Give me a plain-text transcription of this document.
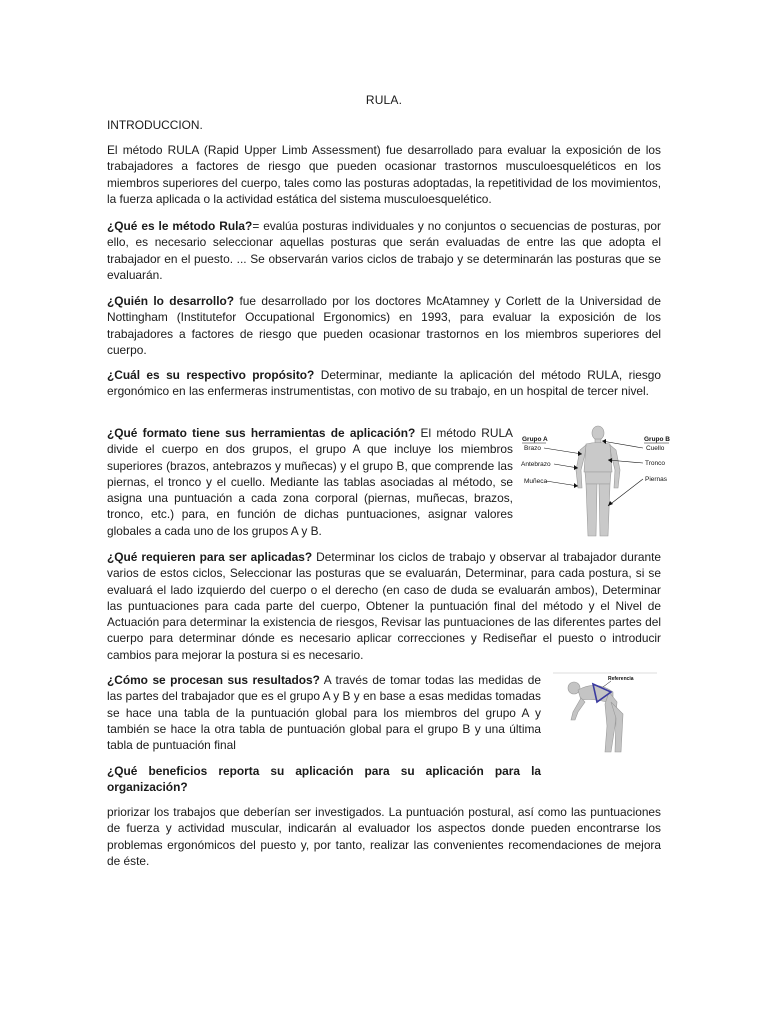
RULA.

INTRODUCCION.

El método RULA (Rapid Upper Limb Assessment) fue desarrollado para evaluar la exposición de los trabajadores a factores de riesgo que pueden ocasionar trastornos musculoesqueléticos en los miembros superiores del cuerpo, tales como las posturas adoptadas, la repetitividad de los movimientos, la fuerza aplicada o la actividad estática del sistema musculoesquelético.

¿Qué es le método Rula?= evalúa posturas individuales y no conjuntos o secuencias de posturas, por ello, es necesario seleccionar aquellas posturas que serán evaluadas de entre las que adopta el trabajador en el puesto. ... Se observarán varios ciclos de trabajo y se determinarán las posturas que se evaluarán.

¿Quién lo desarrollo? fue desarrollado por los doctores McAtamney y Corlett de la Universidad de Nottingham (Institutefor Occupational Ergonomics) en 1993, para evaluar la exposición de los trabajadores a factores de riesgo que pueden ocasionar trastornos en los miembros superiores del cuerpo.

¿Cuál es su respectivo propósito? Determinar, mediante la aplicación del método RULA, riesgo ergonómico en las enfermeras instrumentistas, con motivo de su trabajo, en un hospital de tercer nivel.

¿Qué formato tiene sus herramientas de aplicación? El método RULA divide el cuerpo en dos grupos, el grupo A que incluye los miembros superiores (brazos, antebrazos y muñecas) y el grupo B, que comprende las piernas, el tronco y el cuello. Mediante las tablas asociadas al método, se asigna una puntuación a cada zona corporal (piernas, muñecas, brazos, tronco, etc.) para, en función de dichas puntuaciones, asignar valores globales a cada uno de los grupos A y B.

¿Qué requieren para ser aplicadas? Determinar los ciclos de trabajo y observar al trabajador durante varios de estos ciclos, Seleccionar las posturas que se evaluarán, Determinar, para cada postura, si se evaluará el lado izquierdo del cuerpo o el derecho (en caso de duda se evaluarán ambos), Determinar las puntuaciones para cada parte del cuerpo, Obtener la puntuación final del método y el Nivel de Actuación para determinar la existencia de riesgos, Revisar las puntuaciones de las diferentes partes del cuerpo para determinar dónde es necesario aplicar correcciones y Rediseñar el puesto o introducir cambios para mejorar la postura si es necesario.

¿Cómo se procesan sus resultados? A través de tomar todas las medidas de las partes del trabajador que es el grupo A y B y en base a esas medidas tomadas se hace una tabla de la puntuación global para los miembros del grupo A y también se hace la otra tabla de puntuación global para el grupo B y una última tabla de puntuación final

¿Qué beneficios reporta su aplicación para su aplicación para la organización?

priorizar los trabajos que deberían ser investigados. La puntuación postural, así como las puntuaciones de fuerza y actividad muscular, indicarán al evaluador los aspectos donde pueden encontrarse los problemas ergonómicos del puesto y, por tanto, realizar las convenientes recomendaciones de mejora de éste.

Grupo A
Brazo
Antebrazo
Muñeca
Grupo B
Cuello
Tronco
Piernas
Referencia
